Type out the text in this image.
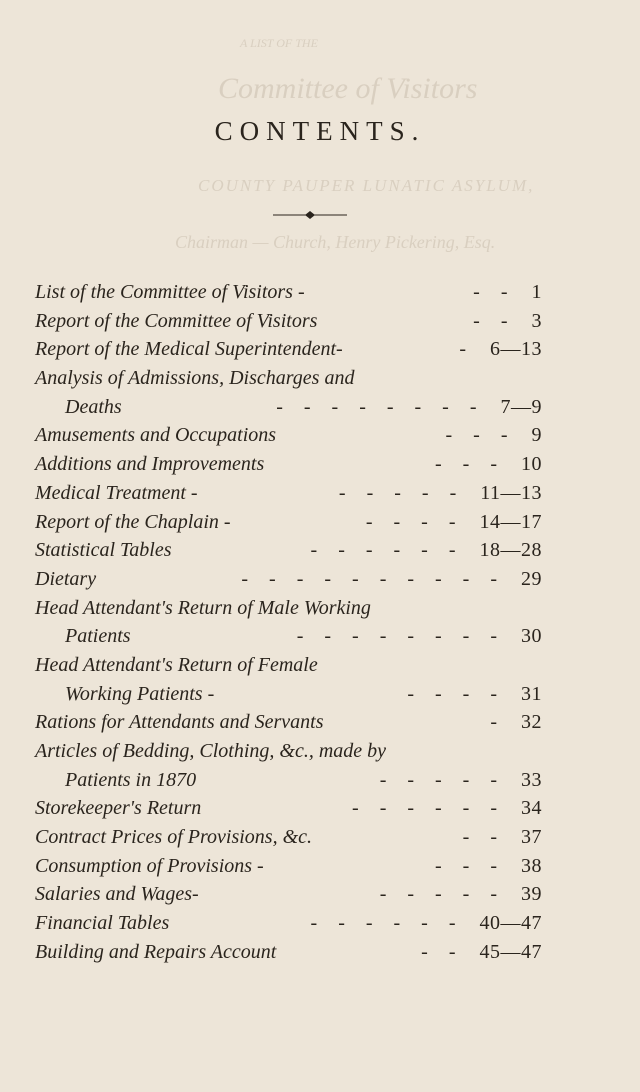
A LIST OF THE
Committee of Visitors
COUNTY PAUPER LUNATIC ASYLUM,
Chairman — Church, Henry Pickering, Esq.
CONTENTS.
List of the Committee of Visitors -	- - 1
Report of the Committee of Visitors	- - 3
Report of the Medical Superintendent-	- 6—13
Analysis of Admissions, Discharges and
Deaths	- - - - - - - - 7—9
Amusements and Occupations	- - - 9
Additions and Improvements	- - - 10
Medical Treatment -	- - - - - 11—13
Report of the Chaplain -	- - - - 14—17
Statistical Tables	- - - - - - 18—28
Dietary	- - - - - - - - - - 29
Head Attendant's Return of Male Working
Patients	- - - - - - - - 30
Head Attendant's Return of Female
Working Patients -	- - - - 31
Rations for Attendants and Servants	- 32
Articles of Bedding, Clothing, &c., made by
Patients in 1870	- - - - - 33
Storekeeper's Return	- - - - - - 34
Contract Prices of Provisions, &c.	- - 37
Consumption of Provisions -	- - - 38
Salaries and Wages-	- - - - - 39
Financial Tables	- - - - - - 40—47
Building and Repairs Account	- - 45—47
